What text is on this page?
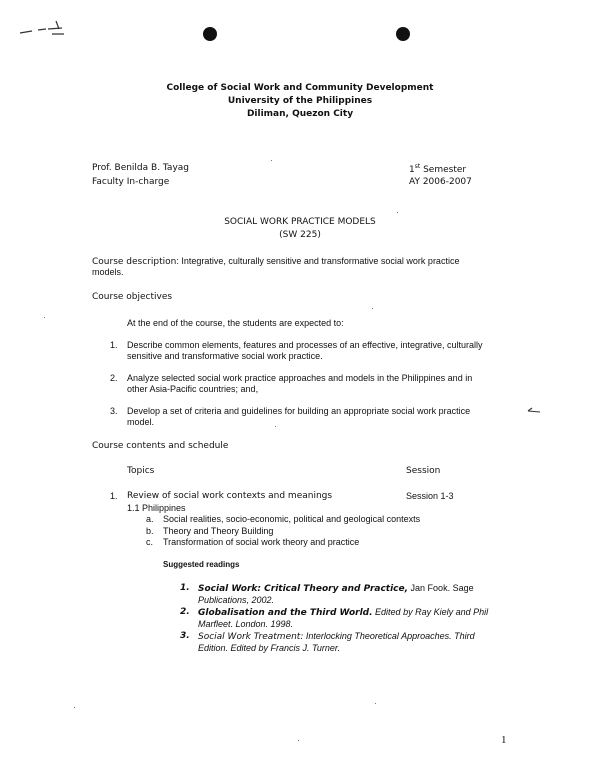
College of Social Work and Community Development
University of the Philippines
Diliman, Quezon City
Prof. Benilda B. Tayag
Faculty In-charge
1st Semester
AY 2006-2007
SOCIAL WORK PRACTICE MODELS
(SW 225)
Course description: Integrative, culturally sensitive and transformative social work practice
models.
Course objectives
At the end of the course, the students are expected to:
1. Describe common elements, features and processes of an effective, integrative, culturally
sensitive and transformative social work practice.
2. Analyze selected social work practice approaches and models in the Philippines and in
other Asia-Pacific countries; and,
3. Develop a set of criteria and guidelines for building an appropriate social work practice
model.
Course contents and schedule
Topics	Session
1. Review of social work contexts and meanings	Session 1-3
1.1 Philippines
a. Social realities, socio-economic, political and geological contexts
b. Theory and Theory Building
c. Transformation of social work theory and practice
Suggested readings
1. Social Work: Critical Theory and Practice, Jan Fook. Sage
Publications, 2002.
2. Globalisation and the Third World. Edited by Ray Kiely and Phil
Marfleet. London. 1998.
3. Social Work Treatment: Interlocking Theoretical Approaches. Third
Edition. Edited by Francis J. Turner.
1
